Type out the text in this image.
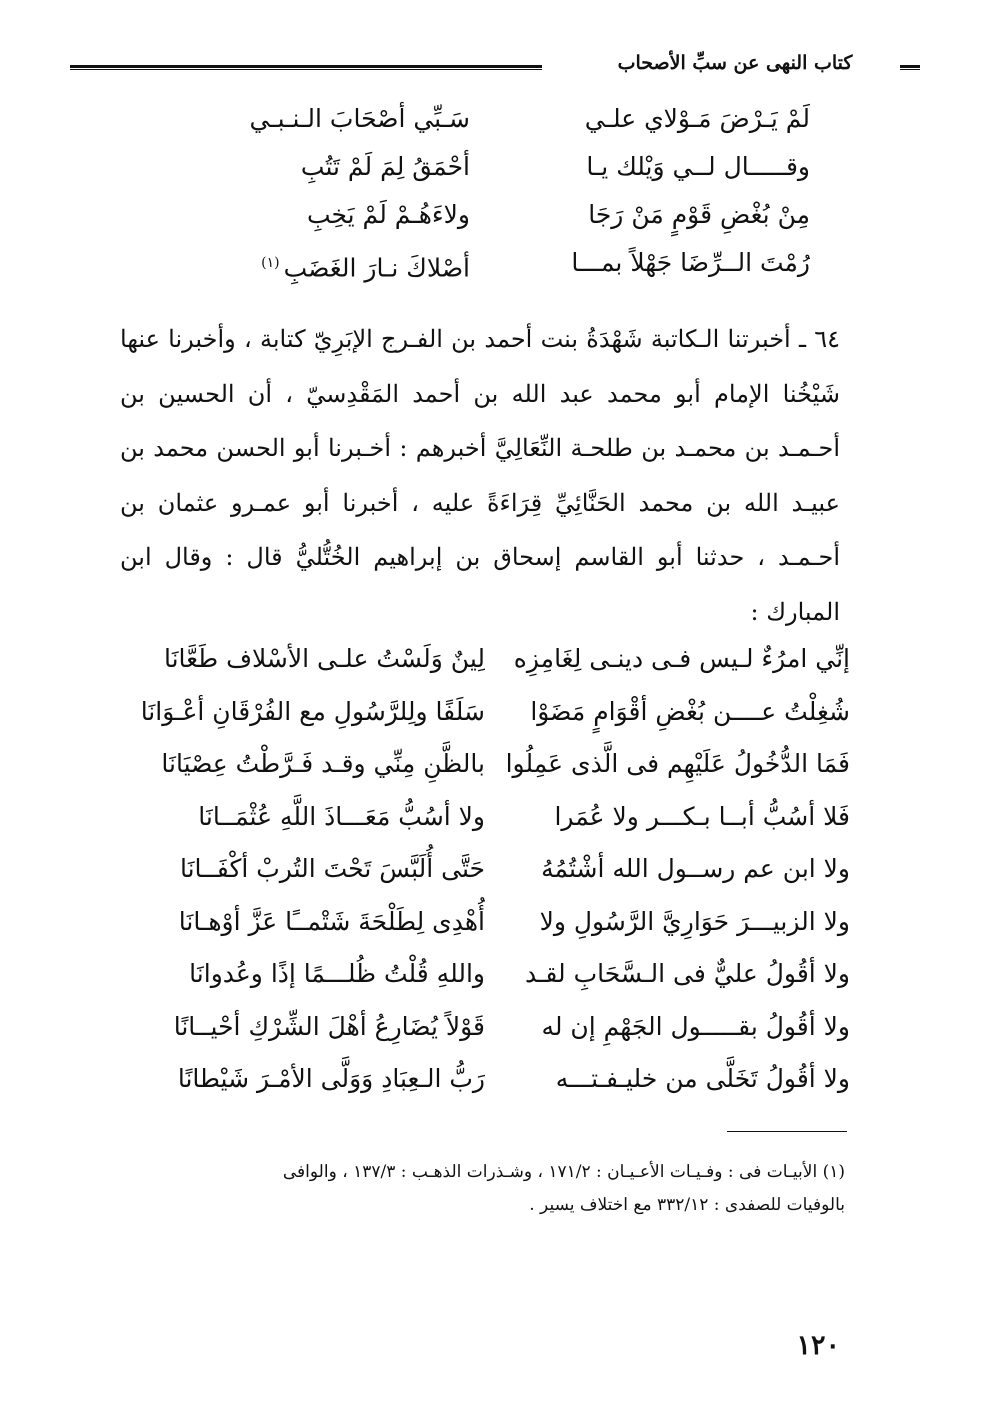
كتاب النهى عن سبِّ الأصحاب
لَمْ يَـرْضَ مَـوْلاي علـي
سَـبِّي أصْحَابَ الـنـبـي
وقـــــال لــي وَيْلك يـا
أحْمَقُ لِمَ لَمْ تَتُبِ
مِنْ بُغْضِ قَوْمٍ مَنْ رَجَا
ولاءَهُـمْ لَمْ يَخِبِ
رُمْتَ الــرِّضَا جَهْلاً بمـــا
أصْلاكَ نـارَ الغَضَبِ$^{(١)}$

٦٤ ـ أخبرتنا الـكاتبة شَهْدَةُ بنت أحمد بن الفـرج الإبَرِيّ كتابة ، وأخبرنا عنها شَيْخُنا الإمام أبو محمد عبد الله بن أحمد المَقْدِسيّ ، أن الحسين بن أحـمـد بن محمـد بن طلحـة النِّعَالِيَّ أخبرهم : أخـبرنا أبو الحسن محمد بن عبيـد الله بن محمد الحَنَّائِيِّ قِرَاءَةً عليه ، أخبرنا أبو عمـرو عثمان بن أحـمـد ، حدثنا أبو القاسم إسحاق بن إبراهيم الخُتُّليُّ قال : وقال ابن المبارك :

إنِّي امرُءٌ لـيس فـى دينـى لِغَامِزِه
لِينٌ وَلَسْتُ علـى الأسْلاف طَعَّانَا
شُغِلْتُ عــــن بُغْضِ أقْوَامٍ مَضَوْا
سَلَفًا ولِلرَّسُولِ مع الفُرْقَانِ أعْـوَانَا
فَمَا الدُّخُولُ عَلَيْهِم فى الَّذى عَمِلُوا
بالظَّنِ مِنِّي وقـد فَـرَّطْتُ عِصْيَانَا
فَلا أسُبُّ أبــا بـكـــر ولا عُمَرا
ولا أسُبُّ مَعَـــاذَ اللَّهِ عُثْمَــانَا
ولا ابن عم رســول الله أشْتُمُهُ
حَتَّى أُلَبَّسَ تَحْتَ التُربْ أكْفَــانَا
ولا الزبيـــرَ حَوَارِيَّ الرَّسُولِ ولا
أُهْدِى لِطَلْحَةَ شَتْمــًا عَزَّ أوْهـانَا
ولا أقُولُ عليٌّ فى الـسَّحَابِ لقـد
واللهِ قُلْتُ ظُلـــمًا إذًا وعُدوانَا
ولا أقُولُ بقـــــول الجَهْمِ إن له
قَوْلاً يُضَارِعُ أهْلَ الشِّرْكِ أحْيــانًا
ولا أقُولُ تَخَلَّى من خليـفـتـــه
رَبُّ الـعِبَادِ وَوَلَّى الأمْـرَ شَيْطانًا

(١) الأبيـات فى : وفـيـات الأعـيـان : ١٧١/٢ ، وشـذرات الذهـب : ١٣٧/٣ ، والوافى

بالوفيات للصفدى : ٣٣٢/١٢ مع اختلاف يسير .

١٢٠
